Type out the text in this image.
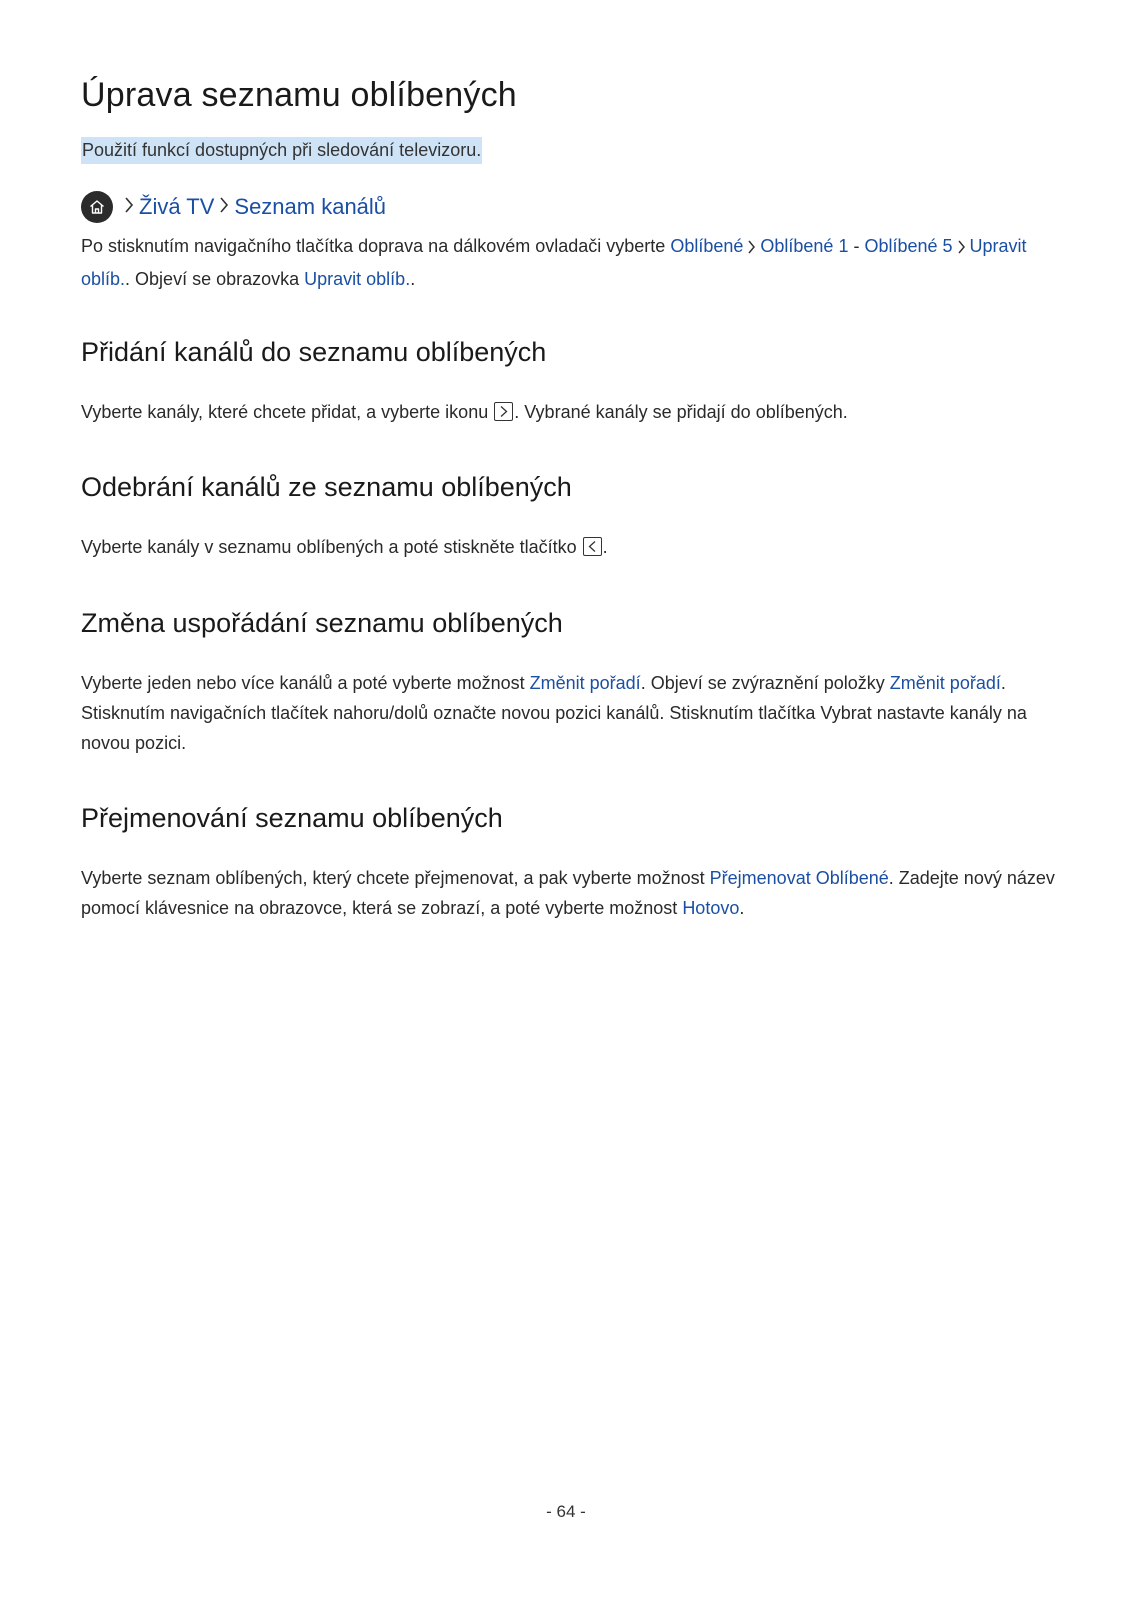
Úprava seznamu oblíbených
Použití funkcí dostupných při sledování televizoru.
Živá TV Seznam kanálů

Po stisknutím navigačního tlačítka doprava na dálkovém ovladači vyberte Oblíbené Oblíbené 1 - Oblíbené 5 Upravit oblíb.. Objeví se obrazovka Upravit oblíb..

Přidání kanálů do seznamu oblíbených

Vyberte kanály, které chcete přidat, a vyberte ikonu
. Vybrané kanály se přidají do oblíbených.

Odebrání kanálů ze seznamu oblíbených

Vyberte kanály v seznamu oblíbených a poté stiskněte tlačítko
.

Změna uspořádání seznamu oblíbených

Vyberte jeden nebo více kanálů a poté vyberte možnost Změnit pořadí. Objeví se zvýraznění položky Změnit pořadí. Stisknutím navigačních tlačítek nahoru/dolů označte novou pozici kanálů. Stisknutím tlačítka Vybrat nastavte kanály na novou pozici.

Přejmenování seznamu oblíbených

Vyberte seznam oblíbených, který chcete přejmenovat, a pak vyberte možnost Přejmenovat Oblíbené. Zadejte nový název pomocí klávesnice na obrazovce, která se zobrazí, a poté vyberte možnost Hotovo.

- 64 -
